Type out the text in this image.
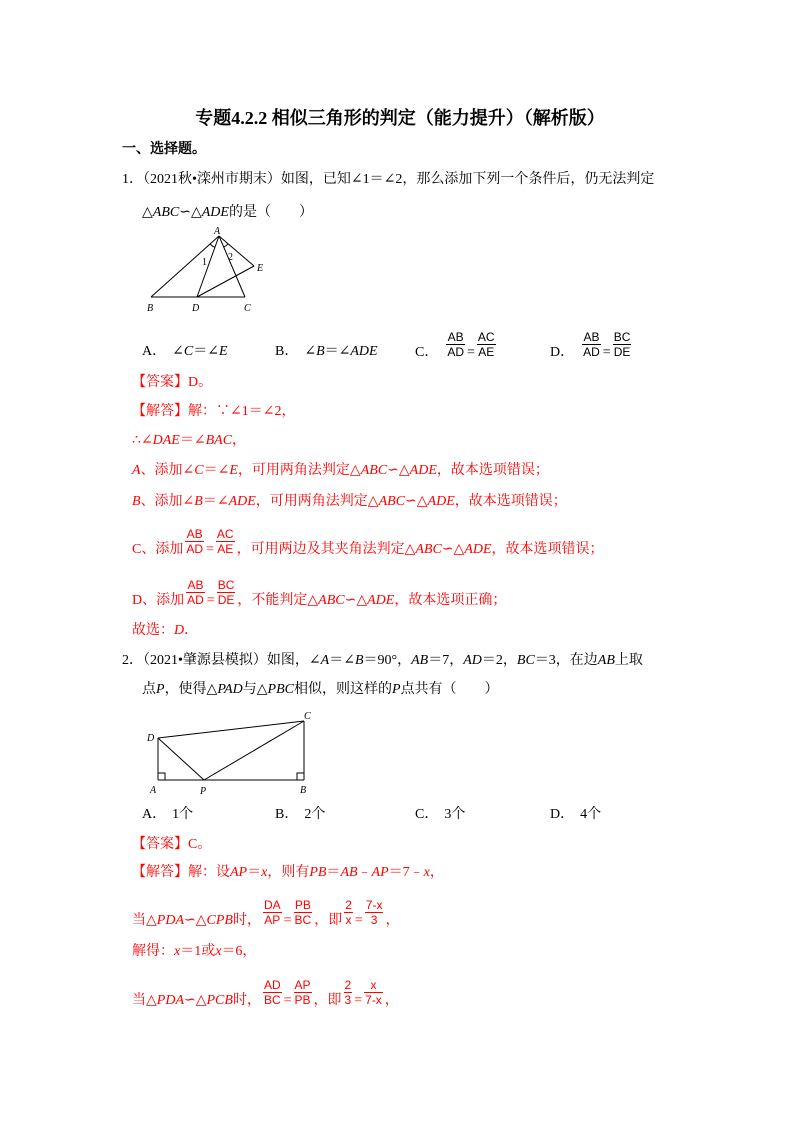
专题4.2.2 相似三角形的判定（能力提升）（解析版）
一、选择题。
1．（2021秋•滦州市期末）如图，已知∠1＝∠2，那么添加下列一个条件后，仍无法判定
△ABC∽△ADE的是（　　）
A
1 2
E
B	D	C
A． ∠C＝∠E	B． ∠B＝∠ADE	C． $\frac{AB}{AD} = \frac{AC}{AE}$	D． $\frac{AB}{AD} = \frac{BC}{DE}$
【答案】D。
【解答】解：∵∠1＝∠2，
∴∠DAE＝∠BAC，
A、添加∠C＝∠E，可用两角法判定△ABC∽△ADE，故本选项错误；
B、添加∠B＝∠ADE，可用两角法判定△ABC∽△ADE，故本选项错误；
C、添加 $\frac{AB}{AD} = \frac{AC}{AE}$ ，可用两边及其夹角法判定△ABC∽△ADE，故本选项错误；
D、添加 $\frac{AB}{AD} = \frac{BC}{DE}$ ，不能判定△ABC∽△ADE，故本选项正确；
故选：D．
2．（2021•肇源县模拟）如图，∠A＝∠B＝90°，AB＝7，AD＝2，BC＝3，在边AB上取
点P，使得△PAD与△PBC相似，则这样的P点共有（　　）
D
C
A	P	B
A． 1个	B． 2个	C． 3个	D． 4个
【答案】C。
【解答】解：设AP＝x，则有PB＝AB﹣AP＝7﹣x，
当△PDA∽△CPB时， $\frac{DA}{AP} = \frac{PB}{BC}$ ，即 $\frac{2}{x} = \frac{7-x}{3}$ ，
解得：x＝1或x＝6，
当△PDA∽△PCB时， $\frac{AD}{BC} = \frac{AP}{PB}$ ，即 $\frac{2}{3} = \frac{x}{7-x}$ ，
